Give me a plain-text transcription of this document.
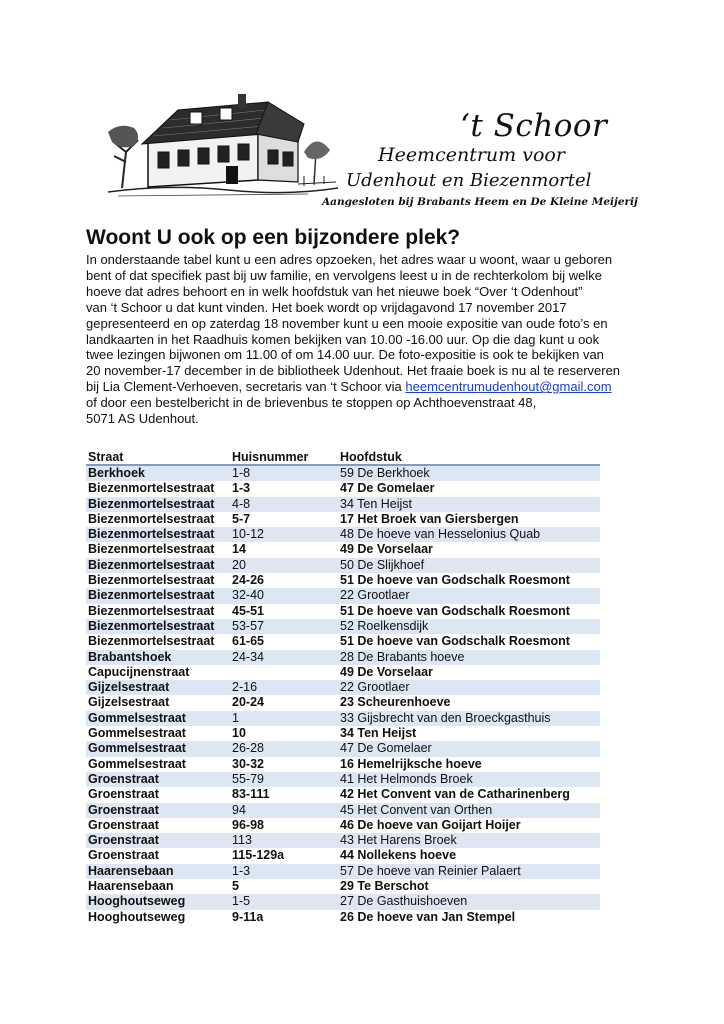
‘t Schoor
Heemcentrum voor
Udenhout en Biezenmortel
Aangesloten bij Brabants Heem en De Kleine Meijerij
Woont U ook op een bijzondere plek?

In onderstaande tabel kunt u een adres opzoeken, het adres waar u woont, waar u geboren

bent of dat specifiek past bij uw familie, en vervolgens leest u in de rechterkolom bij welke

hoeve dat adres behoort en in welk hoofdstuk van het nieuwe boek “Over ‘t Odenhout”

van ‘t Schoor u dat kunt vinden. Het boek wordt op vrijdagavond 17 november 2017

gepresenteerd en op zaterdag 18 november kunt u een mooie expositie van oude foto’s en

landkaarten in het Raadhuis komen bekijken van 10.00 -16.00 uur. Op die dag kunt u ook

twee lezingen bijwonen om 11.00 of om 14.00 uur. De foto-expositie is ook te bekijken van

20 november-17 december in de bibliotheek Udenhout. Het fraaie boek is nu al te reserveren

bij Lia Clement-Verhoeven, secretaris van ‘t Schoor via heemcentrumudenhout@gmail.com

of door een bestelbericht in de brievenbus te stoppen op Achthoevenstraat 48,

5071 AS Udenhout.

Straat	Huisnummer	Hoofdstuk
Berkhoek	1-8	59 De Berkhoek
Biezenmortelsestraat	1-3	47 De Gomelaer
Biezenmortelsestraat	4-8	34 Ten Heijst
Biezenmortelsestraat	5-7	17 Het Broek van Giersbergen
Biezenmortelsestraat	10-12	48 De hoeve van Hesselonius Quab
Biezenmortelsestraat	14	49 De Vorselaar
Biezenmortelsestraat	20	50 De Slijkhoef
Biezenmortelsestraat	24-26	51 De hoeve van Godschalk Roesmont
Biezenmortelsestraat	32-40	22 Grootlaer
Biezenmortelsestraat	45-51	51 De hoeve van Godschalk Roesmont
Biezenmortelsestraat	53-57	52 Roelkensdijk
Biezenmortelsestraat	61-65	51 De hoeve van Godschalk Roesmont
Brabantshoek	24-34	28 De Brabants hoeve
Capucijnenstraat		49 De Vorselaar
Gijzelsestraat	2-16	22 Grootlaer
Gijzelsestraat	20-24	23 Scheurenhoeve
Gommelsestraat	1	33 Gijsbrecht van den Broeckgasthuis
Gommelsestraat	10	34 Ten Heijst
Gommelsestraat	26-28	47 De Gomelaer
Gommelsestraat	30-32	16 Hemelrijksche hoeve
Groenstraat	55-79	41 Het Helmonds Broek
Groenstraat	83-111	42 Het Convent van de Catharinenberg
Groenstraat	94	45 Het Convent van Orthen
Groenstraat	96-98	46 De hoeve van Goijart Hoijer
Groenstraat	113	43 Het Harens Broek
Groenstraat	115-129a	44 Nollekens hoeve
Haarensebaan	1-3	57 De hoeve van Reinier Palaert
Haarensebaan	5	29 Te Berschot
Hooghoutseweg	1-5	27 De Gasthuishoeven
Hooghoutseweg	9-11a	26 De hoeve van Jan Stempel
